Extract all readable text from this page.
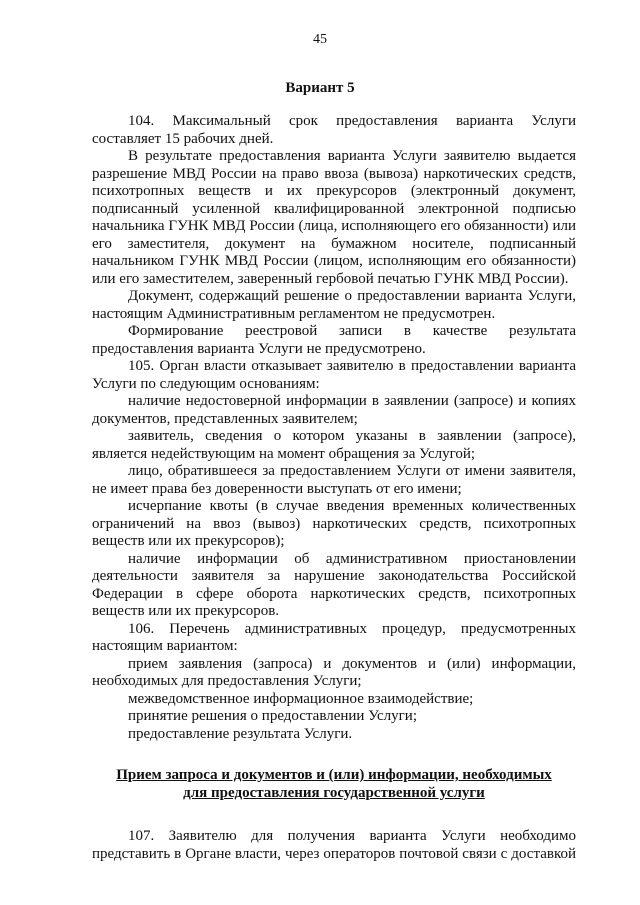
45
Вариант 5

104. Максимальный срок предоставления варианта Услуги составляет 15 рабочих дней.

В результате предоставления варианта Услуги заявителю выдается разрешение МВД России на право ввоза (вывоза) наркотических средств, психотропных веществ и их прекурсоров (электронный документ, подписанный усиленной квалифицированной электронной подписью начальника ГУНК МВД России (лица, исполняющего его обязанности) или его заместителя, документ на бумажном носителе, подписанный начальником ГУНК МВД России (лицом, исполняющим его обязанности) или его заместителем, заверенный гербовой печатью ГУНК МВД России).

Документ, содержащий решение о предоставлении варианта Услуги, настоящим Административным регламентом не предусмотрен.

Формирование реестровой записи в качестве результата предоставления варианта Услуги не предусмотрено.

105. Орган власти отказывает заявителю в предоставлении варианта Услуги по следующим основаниям:

наличие недостоверной информации в заявлении (запросе) и копиях документов, представленных заявителем;

заявитель, сведения о котором указаны в заявлении (запросе), является недействующим на момент обращения за Услугой;

лицо, обратившееся за предоставлением Услуги от имени заявителя, не имеет права без доверенности выступать от его имени;

исчерпание квоты (в случае введения временных количественных ограничений на ввоз (вывоз) наркотических средств, психотропных веществ или их прекурсоров);

наличие информации об административном приостановлении деятельности заявителя за нарушение законодательства Российской Федерации в сфере оборота наркотических средств, психотропных веществ или их прекурсоров.

106. Перечень административных процедур, предусмотренных настоящим вариантом:

прием заявления (запроса) и документов и (или) информации, необходимых для предоставления Услуги;

межведомственное информационное взаимодействие;

принятие решения о предоставлении Услуги;

предоставление результата Услуги.

Прием запроса и документов и (или) информации, необходимых
для предоставления государственной услуги

107. Заявителю для получения варианта Услуги необходимо представить в Органе власти, через операторов почтовой связи с доставкой
